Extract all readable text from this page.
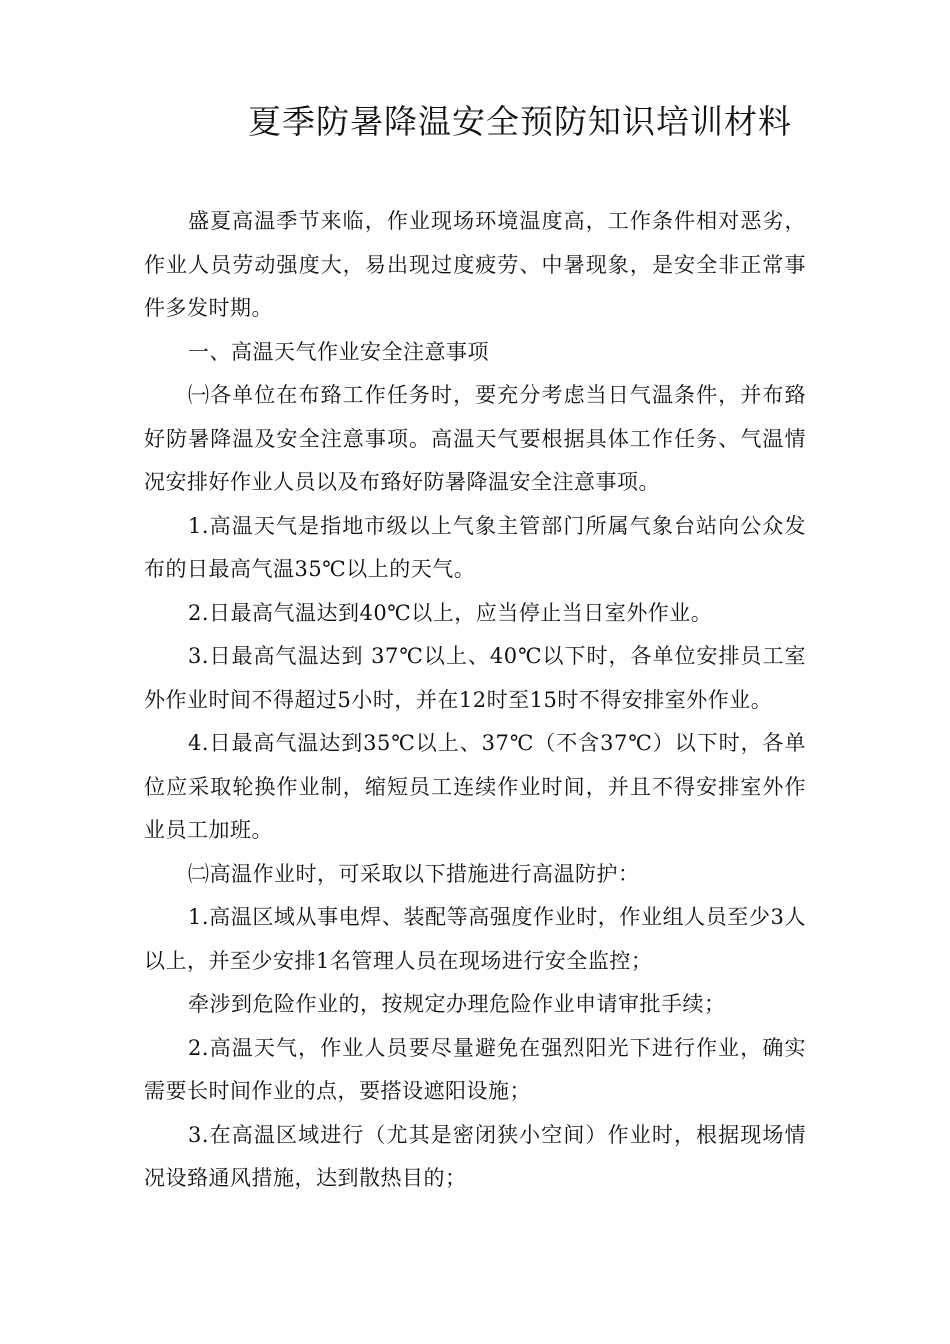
夏季防暑降温安全预防知识培训材料

盛夏高温季节来临，作业现场环境温度高，工作条件相对恶劣，作业人员劳动强度大，易出现过度疲劳、中暑现象，是安全非正常事件多发时期。

一、高温天气作业安全注意事项

㈠各单位在布臵工作任务时，要充分考虑当日气温条件，并布臵好防暑降温及安全注意事项。高温天气要根据具体工作任务、气温情况安排好作业人员以及布臵好防暑降温安全注意事项。

1.高温天气是指地市级以上气象主管部门所属气象台站向公众发布的日最高气温35℃以上的天气。

2.日最高气温达到40℃以上，应当停止当日室外作业。

3.日最高气温达到 37℃以上、40℃以下时，各单位安排员工室外作业时间不得超过5小时，并在12时至15时不得安排室外作业。

4.日最高气温达到35℃以上、37℃（不含37℃）以下时，各单位应采取轮换作业制，缩短员工连续作业时间，并且不得安排室外作业员工加班。

㈡高温作业时，可采取以下措施进行高温防护：

1.高温区域从事电焊、装配等高强度作业时，作业组人员至少3人以上，并至少安排1名管理人员在现场进行安全监控；

牵涉到危险作业的，按规定办理危险作业申请审批手续；

2.高温天气，作业人员要尽量避免在强烈阳光下进行作业，确实需要长时间作业的点，要搭设遮阳设施；

3.在高温区域进行（尤其是密闭狭小空间）作业时，根据现场情况设臵通风措施，达到散热目的；
